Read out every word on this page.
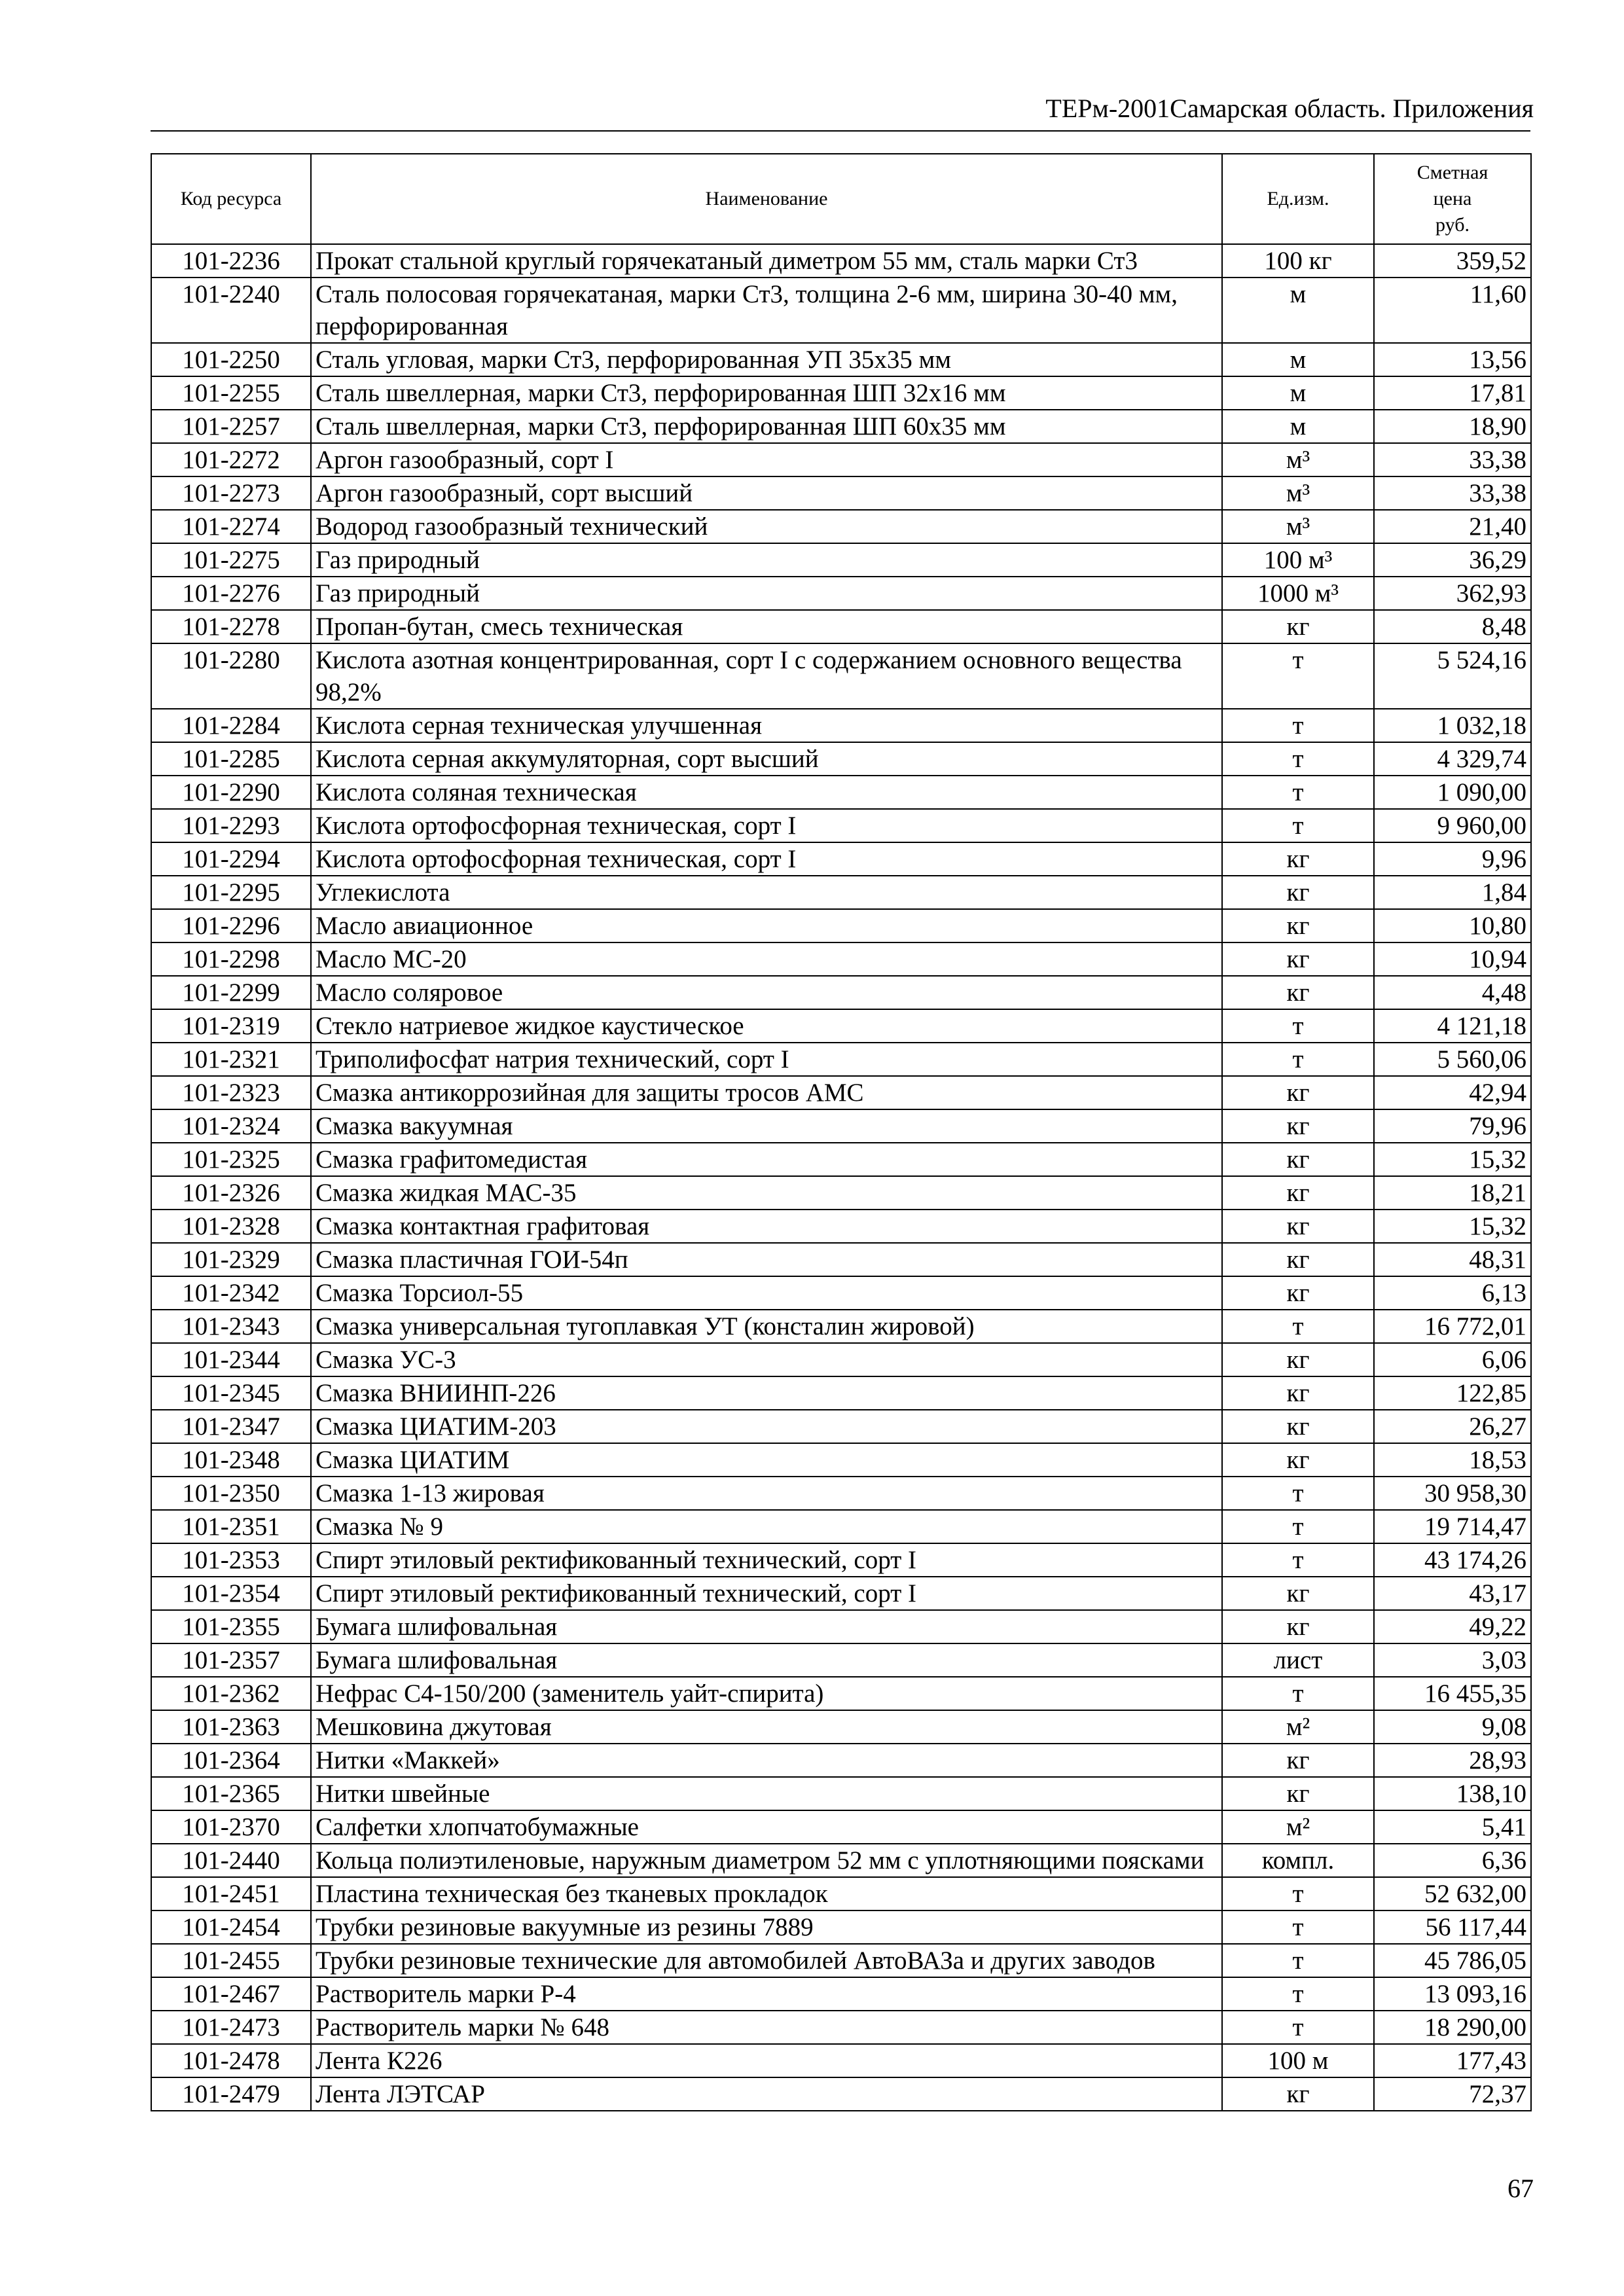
ТЕРм-2001Самарская область. Приложения
Код ресурса	Наименование	Ед.изм.	Сметная
цена
руб.
101-2236	Прокат стальной круглый горячекатаный диметром 55 мм, сталь марки Ст3	100 кг	359,52
101-2240	Сталь полосовая горячекатаная, марки Ст3, толщина 2-6 мм, ширина 30-40 мм, перфорированная	м	11,60
101-2250	Сталь угловая, марки Ст3, перфорированная УП 35х35 мм	м	13,56
101-2255	Сталь швеллерная, марки Ст3, перфорированная ШП 32х16 мм	м	17,81
101-2257	Сталь швеллерная, марки Ст3, перфорированная ШП 60х35 мм	м	18,90
101-2272	Аргон газообразный, сорт I	м³	33,38
101-2273	Аргон газообразный, сорт высший	м³	33,38
101-2274	Водород газообразный технический	м³	21,40
101-2275	Газ природный	100 м³	36,29
101-2276	Газ природный	1000 м³	362,93
101-2278	Пропан-бутан, смесь техническая	кг	8,48
101-2280	Кислота азотная концентрированная, сорт I с содержанием основного вещества 98,2%	т	5 524,16
101-2284	Кислота серная техническая улучшенная	т	1 032,18
101-2285	Кислота серная аккумуляторная, сорт высший	т	4 329,74
101-2290	Кислота соляная техническая	т	1 090,00
101-2293	Кислота ортофосфорная техническая, сорт I	т	9 960,00
101-2294	Кислота ортофосфорная техническая, сорт I	кг	9,96
101-2295	Углекислота	кг	1,84
101-2296	Масло авиационное	кг	10,80
101-2298	Масло МС-20	кг	10,94
101-2299	Масло соляровое	кг	4,48
101-2319	Стекло натриевое жидкое каустическое	т	4 121,18
101-2321	Триполифосфат натрия технический, сорт I	т	5 560,06
101-2323	Смазка антикоррозийная для защиты тросов АМС	кг	42,94
101-2324	Смазка вакуумная	кг	79,96
101-2325	Смазка графитомедистая	кг	15,32
101-2326	Смазка жидкая МАС-35	кг	18,21
101-2328	Смазка контактная графитовая	кг	15,32
101-2329	Смазка пластичная ГОИ-54п	кг	48,31
101-2342	Смазка Торсиол-55	кг	6,13
101-2343	Смазка универсальная тугоплавкая УТ (консталин жировой)	т	16 772,01
101-2344	Смазка УС-3	кг	6,06
101-2345	Смазка ВНИИНП-226	кг	122,85
101-2347	Смазка ЦИАТИМ-203	кг	26,27
101-2348	Смазка ЦИАТИМ	кг	18,53
101-2350	Смазка 1-13 жировая	т	30 958,30
101-2351	Смазка № 9	т	19 714,47
101-2353	Спирт этиловый ректификованный технический, сорт I	т	43 174,26
101-2354	Спирт этиловый ректификованный технический, сорт I	кг	43,17
101-2355	Бумага шлифовальная	кг	49,22
101-2357	Бумага шлифовальная	лист	3,03
101-2362	Нефрас С4-150/200 (заменитель уайт-спирита)	т	16 455,35
101-2363	Мешковина джутовая	м²	9,08
101-2364	Нитки «Маккей»	кг	28,93
101-2365	Нитки швейные	кг	138,10
101-2370	Салфетки хлопчатобумажные	м²	5,41
101-2440	Кольца полиэтиленовые, наружным диаметром 52 мм с уплотняющими поясками	компл.	6,36
101-2451	Пластина техническая без тканевых прокладок	т	52 632,00
101-2454	Трубки резиновые вакуумные из резины 7889	т	56 117,44
101-2455	Трубки резиновые технические для автомобилей АвтоВАЗа и других заводов	т	45 786,05
101-2467	Растворитель марки Р-4	т	13 093,16
101-2473	Растворитель марки № 648	т	18 290,00
101-2478	Лента К226	100 м	177,43
101-2479	Лента ЛЭТСАР	кг	72,37
67
